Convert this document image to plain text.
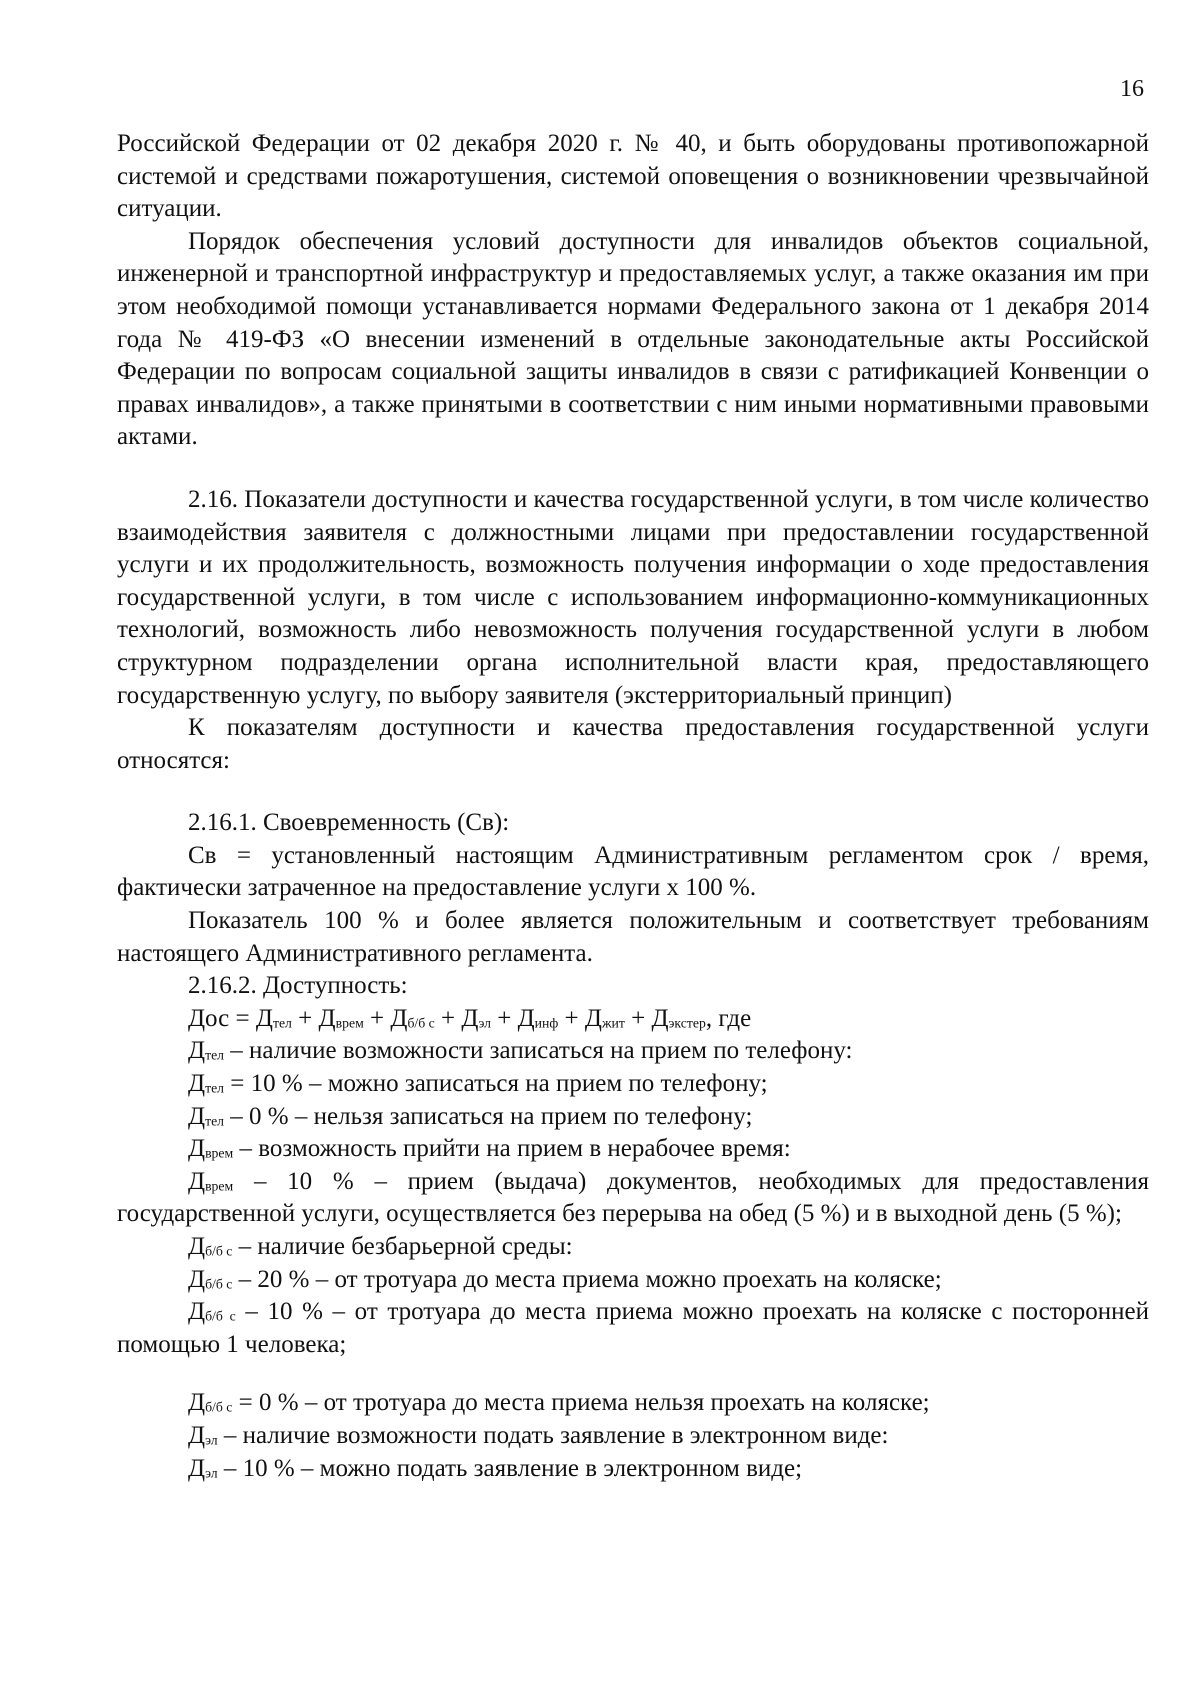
16

Российской Федерации от 02 декабря 2020 г. № 40, и быть оборудованы противопожарной системой и средствами пожаротушения, системой оповещения о возникновении чрезвычайной ситуации.

Порядок обеспечения условий доступности для инвалидов объектов социальной, инженерной и транспортной инфраструктур и предоставляемых услуг, а также оказания им при этом необходимой помощи устанавливается нормами Федерального закона от 1 декабря 2014 года № 419-ФЗ «О внесении изменений в отдельные законодательные акты Российской Федерации по вопросам социальной защиты инвалидов в связи с ратификацией Конвенции о правах инвалидов», а также принятыми в соответствии с ним иными нормативными правовыми актами.

2.16. Показатели доступности и качества государственной услуги, в том числе количество взаимодействия заявителя с должностными лицами при предоставлении государственной услуги и их продолжительность, возможность получения информации о ходе предоставления государственной услуги, в том числе с использованием информационно-коммуникационных технологий, возможность либо невозможность получения государственной услуги в любом структурном подразделении органа исполнительной власти края, предоставляющего государственную услугу, по выбору заявителя (экстерриториальный принцип)

К показателям доступности и качества предоставления государственной услуги относятся:

2.16.1. Своевременность (Св):

Св = установленный настоящим Административным регламентом срок / время, фактически затраченное на предоставление услуги x 100 %.

Показатель 100 % и более является положительным и соответствует требованиям настоящего Административного регламента.

2.16.2. Доступность:

Дос = $Д_{тел} + Д_{врем} + Д_{б/б с} + Д_{эл} + Д_{инф} + Д_{жит} + Д_{экстер}$, где

$Д_{тел}$ – наличие возможности записаться на прием по телефону:

$Д_{тел} = 10$ % – можно записаться на прием по телефону;

$Д_{тел} - 0$ % – нельзя записаться на прием по телефону;

$Д_{врем}$ – возможность прийти на прием в нерабочее время:

$Д_{врем} - 10$ % – прием (выдача) документов, необходимых для предоставления государственной услуги, осуществляется без перерыва на обед (5 %) и в выходной день (5 %);

$Д_{б/б с}$ – наличие безбарьерной среды:

$Д_{б/б с} - 20$ % – от тротуара до места приема можно проехать на коляске;

$Д_{б/б с} - 10$ % – от тротуара до места приема можно проехать на коляске с посторонней помощью 1 человека;

$Д_{б/б с} = 0$ % – от тротуара до места приема нельзя проехать на коляске;

$Д_{эл}$ – наличие возможности подать заявление в электронном виде:

$Д_{эл} - 10$ % – можно подать заявление в электронном виде;
